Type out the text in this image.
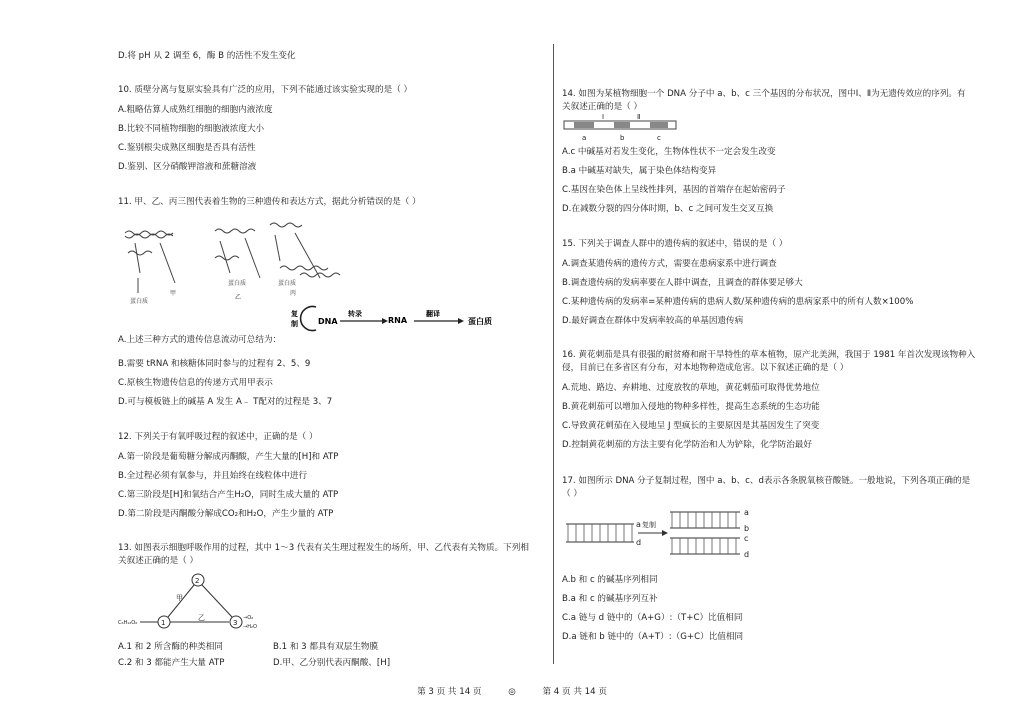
D.将 pH 从 2 调至 6，酶 B 的活性不发生变化
10. 质壁分离与复原实验具有广泛的应用，下列不能通过该实验实现的是（ ）
A.粗略估算人成熟红细胞的细胞内液浓度
B.比较不同植物细胞的细胞液浓度大小
C.鉴别根尖成熟区细胞是否具有活性
D.鉴别、区分硝酸钾溶液和蔗糖溶液
11. 甲、乙、丙三图代表着生物的三种遗传和表达方式，据此分析错误的是（ ）
蛋白质
甲
蛋白质
乙
蛋白质
丙
复
制	DNA
转录
RNA
翻译
蛋白质
A.上述三种方式的遗传信息流动可总结为：
B.需要 tRNA 和核糖体同时参与的过程有 2、5、9
C.原核生物遗传信息的传递方式用甲表示
D.可与模板链上的碱基 A 发生 A﹣ T配对的过程是 3、7
12. 下列关于有氧呼吸过程的叙述中，正确的是（ ）
A.第一阶段是葡萄糖分解成丙酮酸，产生大量的[H]和 ATP
B.全过程必须有氧参与，并且始终在线粒体中进行
C.第三阶段是[H]和氧结合产生H₂O，同时生成大量的 ATP
D.第二阶段是丙酮酸分解成CO₂和H₂O，产生少量的 ATP
13. 如图表示细胞呼吸作用的过程，其中 1～3 代表有关生理过程发生的场所，甲、乙代表有关物质。下列相
关叙述正确的是（ ）
2
1	3
甲
乙
C₆H₁₂O₆
→O₂
→H₂O
A.1 和 2 所含酶的种类相同	B.1 和 3 都具有双层生物膜
C.2 和 3 都能产生大量 ATP	D.甲、乙分别代表丙酮酸、[H]
14. 如图为某植物细胞一个 DNA 分子中 a、b、c 三个基因的分布状况，图中Ⅰ、Ⅱ为无遗传效应的序列。有
关叙述正确的是（ ）
Ⅰ	Ⅱ
a	b	c
A.c 中碱基对若发生变化，生物体性状不一定会发生改变
B.a 中碱基对缺失，属于染色体结构变异
C.基因在染色体上呈线性排列，基因的首端存在起始密码子
D.在减数分裂的四分体时期，b、c 之间可发生交叉互换
15. 下列关于调查人群中的遗传病的叙述中，错误的是（ ）
A.调查某遗传病的遗传方式，需要在患病家系中进行调查
B.调查遗传病的发病率要在人群中调查，且调查的群体要足够大
C.某种遗传病的发病率=某种遗传病的患病人数/某种遗传病的患病家系中的所有人数×100%
D.最好调查在群体中发病率较高的单基因遗传病
16. 黄花刺茄是具有很强的耐贫瘠和耐干旱特性的草本植物，原产北美洲，我国于 1981 年首次发现该物种入
侵，目前已在多省区有分布，对本地物种造成危害。以下叙述正确的是（ ）
A.荒地、路边、弃耕地、过度放牧的草地，黄花刺茄可取得优势地位
B.黄花刺茄可以增加入侵地的物种多样性，提高生态系统的生态功能
C.导致黄花刺茄在入侵地呈 J 型疯长的主要原因是其基因发生了突变
D.控制黄花刺茄的方法主要有化学防治和人为铲除，化学防治最好
17. 如图所示 DNA 分子复制过程，图中 a、b、c、d表示各条脱氧核苷酸链。一般地说，下列各项正确的是
（ ）
a
d
a
b
c
d
复制
A.b 和 c 的碱基序列相同
B.a 和 c 的碱基序列互补
C.a 链与 d 链中的（A+G）:（T+C）比值相同
D.a 链和 b 链中的（A+T）:（G+C）比值相同
第 3 页 共 14 页	◎	第 4 页 共 14 页
